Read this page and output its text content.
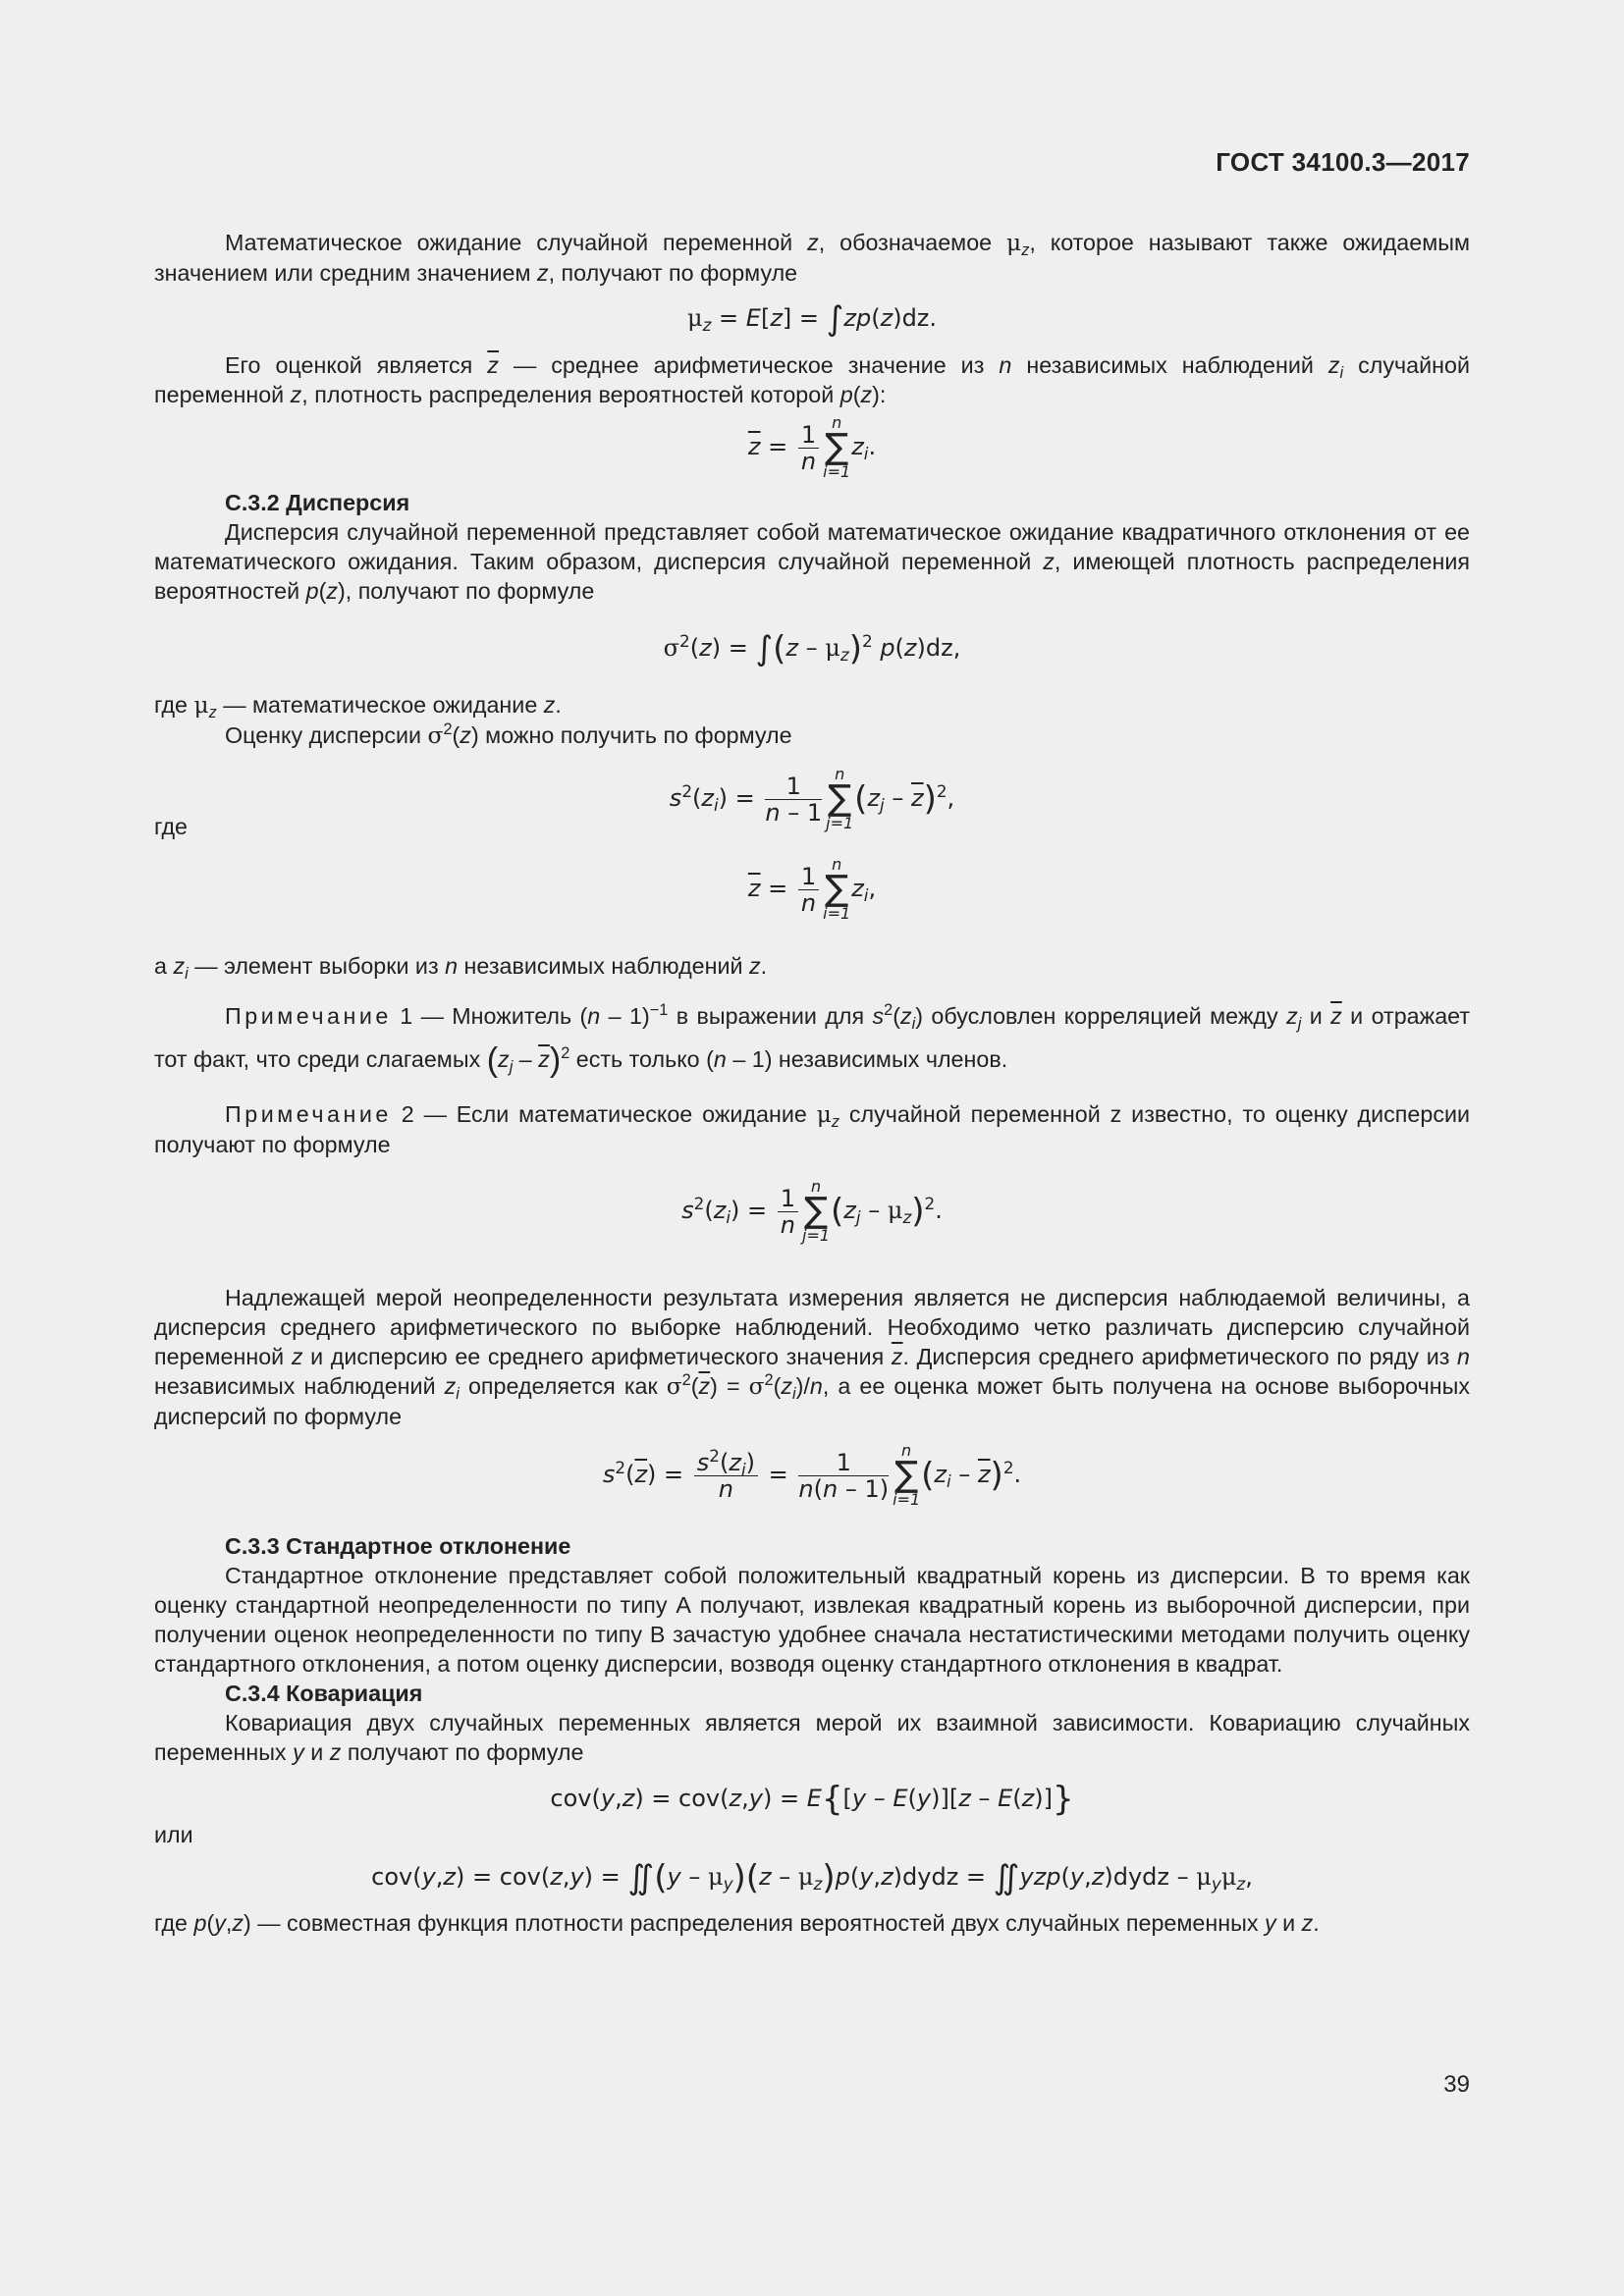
ГОСТ 34100.3—2017

Математическое ожидание случайной переменной z, обозначаемое $\mu_z$, которое называют также ожидаемым значением или средним значением z, получают по формуле

$\mu_z = E[z] = \int zp(z)dz$.

Его оценкой является $\overline{z}$ — среднее арифметическое значение из n независимых наблюдений $z_i$ случайной переменной z, плотность распределения вероятностей которой p(z):

$\overline{z} = \frac{1}{n}$ n
∑
i=1
$z_i$.
С.3.2 Дисперсия

Дисперсия случайной переменной представляет собой математическое ожидание квадратичного отклонения от ее математического ожидания. Таким образом, дисперсия случайной переменной z, имеющей плотность распределения вероятностей p(z), получают по формуле

$\sigma^2(z) = \int(z - \mu_z)^2$ p(z)dz,

где $\mu_z$ — математическое ожидание z.

Оценку дисперсии $\sigma^2(z)$ можно получить по формуле

$s^2(z_i) = \frac{1}{n - 1}$ n
∑
j=1
$(z_j - \overline{z})^2$,

где

$\overline{z} = \frac{1}{n}$ n
∑
i=1
$z_i$,

а $z_i$ — элемент выборки из n независимых наблюдений z.

Примечание 1 — Множитель (n – 1)$^{-1}$ в выражении для $s^2(z_i)$ обусловлен корреляцией между $z_j$ и $\overline{z}$ и отражает тот факт, что среди слагаемых $(z_j - \overline{z})^2$ есть только (n – 1) независимых членов.

Примечание 2 — Если математическое ожидание $\mu_z$ случайной переменной z известно, то оценку дисперсии получают по формуле

$s^2(z_i) = \frac{1}{n}$ n
∑
j=1
$(z_j - \mu_z)^2$.

Надлежащей мерой неопределенности результата измерения является не дисперсия наблюдаемой величины, а дисперсия среднего арифметического по выборке наблюдений. Необходимо четко различать дисперсию случайной переменной z и дисперсию ее среднего арифметического значения $\overline{z}$. Дисперсия среднего арифметического по ряду из n независимых наблюдений $z_i$ определяется как $\sigma^2(\overline{z}) = \sigma^2(z_i)/n$, а ее оценка может быть получена на основе выборочных дисперсий по формуле

$s^2(\overline{z}) = \frac{s^2(z_i)}{n} = \frac{1}{n(n - 1)}$ n
∑
i=1
$(z_i - \overline{z})^2$.
С.3.3 Стандартное отклонение

Стандартное отклонение представляет собой положительный квадратный корень из дисперсии. В то время как оценку стандартной неопределенности по типу А получают, извлекая квадратный корень из выборочной дисперсии, при получении оценок неопределенности по типу В зачастую удобнее сначала нестатистическими методами получить оценку стандартного отклонения, а потом оценку дисперсии, возводя оценку стандартного отклонения в квадрат.

С.3.4 Ковариация

Ковариация двух случайных переменных является мерой их взаимной зависимости. Ковариацию случайных переменных y и z получают по формуле

cov(y,z) = cov(z,y) = E{[y – E(y)][z – E(z)]}

или

cov(y,z) = cov(z,y) = ∬(y – $\mu_y)(z$ – $\mu_z)p(y,z)dydz$ = ∬yzp(y,z)dydz – $\mu_y\mu_z$,

где p(y,z) — совместная функция плотности распределения вероятностей двух случайных переменных y и z.

39
